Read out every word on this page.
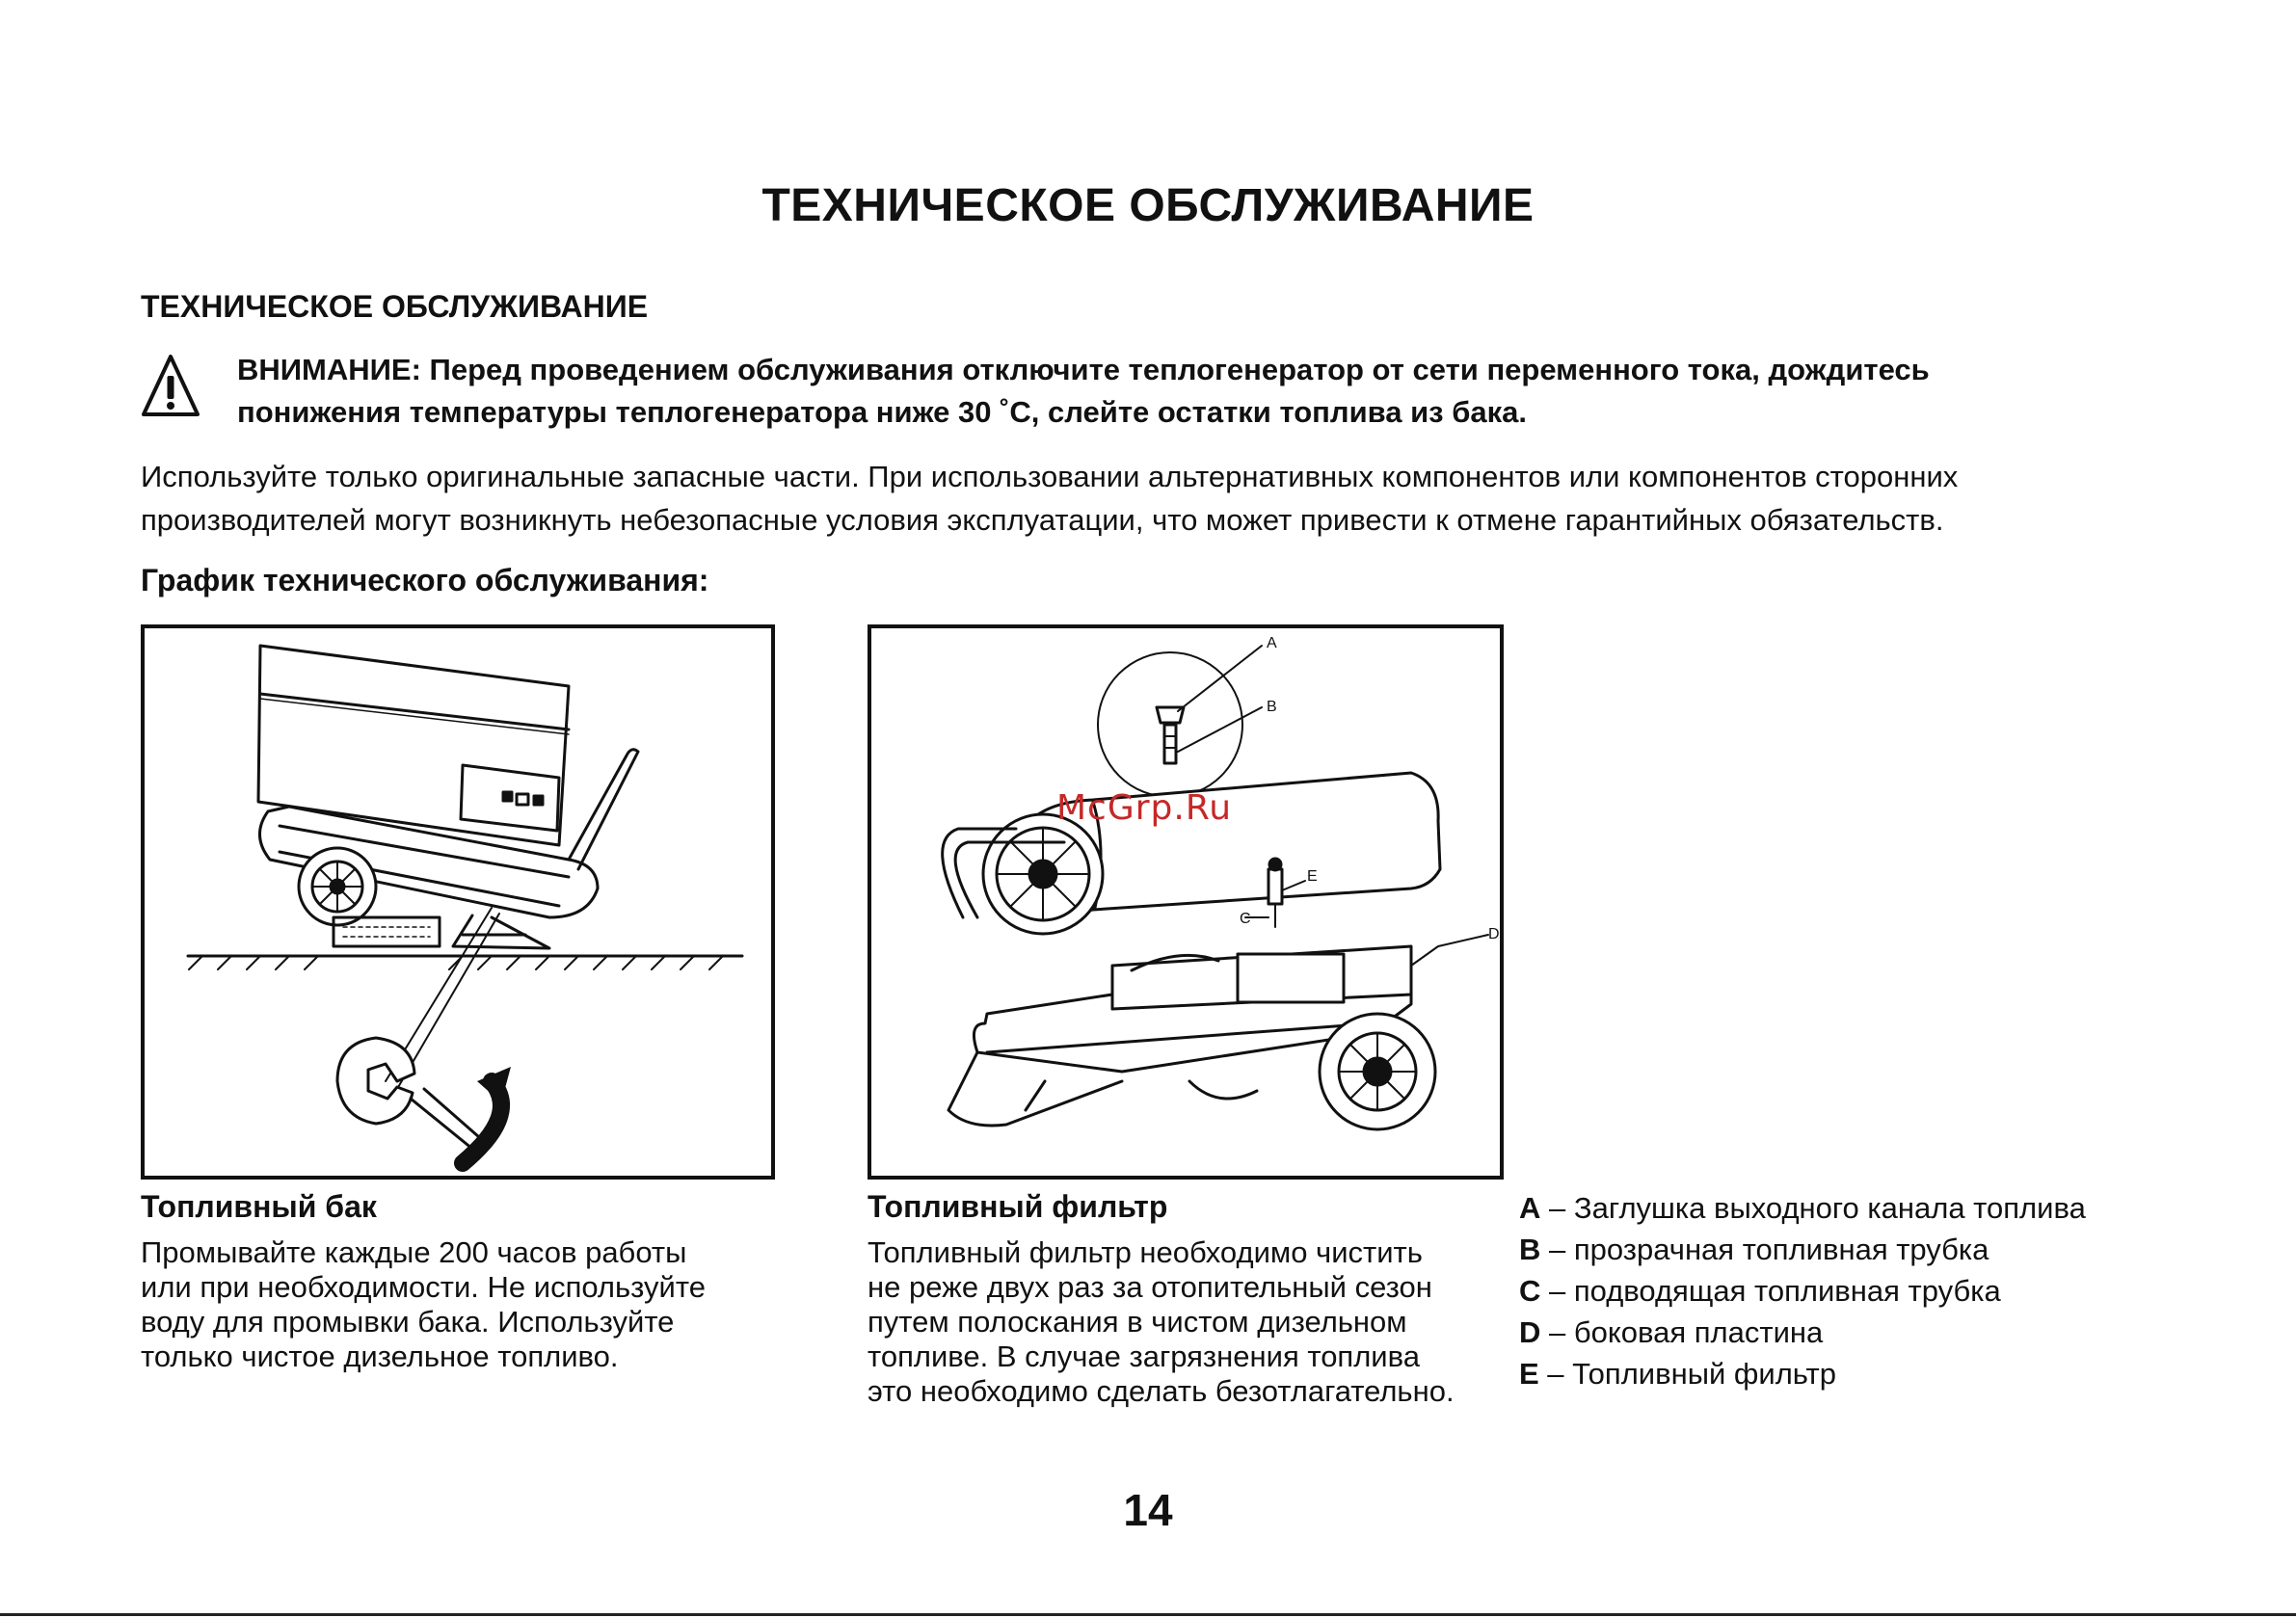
ТЕХНИЧЕСКОЕ ОБСЛУЖИВАНИЕ
ТЕХНИЧЕСКОЕ ОБСЛУЖИВАНИЕ
ВНИМАНИЕ: Перед проведением обслуживания отключите теплогенератор от сети переменного тока, дождитесь
понижения температуры теплогенератора ниже 30 ˚C, слейте остатки топлива из бака.
Используйте только оригинальные запасные части. При использовании альтернативных компонентов или компонентов сторонних
производителей могут возникнуть небезопасные условия эксплуатации, что может привести к отмене гарантийных обязательств.
График технического обслуживания:
A
B
C
D
E
McGrp.Ru
Топливный бак
Промывайте каждые 200 часов работы
или при необходимости. Не используйте
воду для промывки бака. Используйте
только чистое дизельное топливо.
Топливный фильтр
Топливный фильтр необходимо чистить
не реже двух раз за отопительный сезон
путем полоскания в чистом дизельном
топливе. В случае загрязнения топлива
это необходимо сделать безотлагательно.
A – Заглушка выходного канала топлива
B – прозрачная топливная трубка
C – подводящая топливная трубка
D – боковая пластина
E – Топливный фильтр
14
